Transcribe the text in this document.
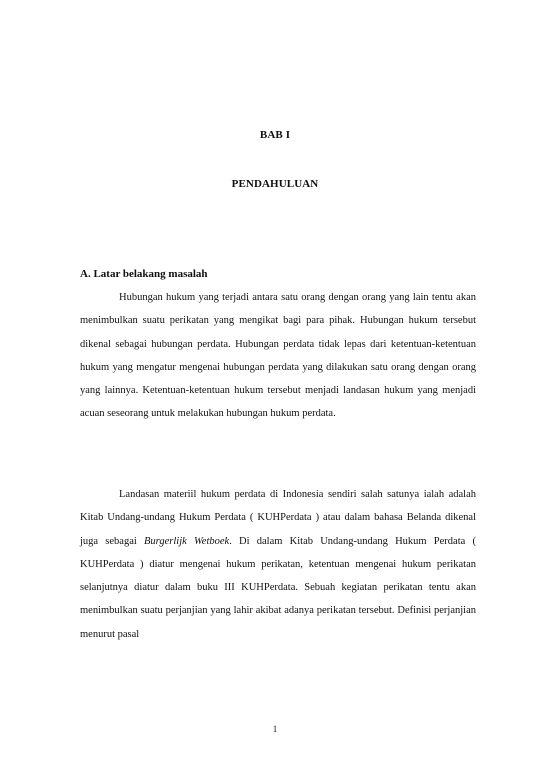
BAB I
PENDAHULUAN
A. Latar belakang masalah

Hubungan hukum yang terjadi antara satu orang dengan orang yang lain tentu akan menimbulkan suatu perikatan yang mengikat bagi para pihak. Hubungan hukum tersebut dikenal sebagai hubungan perdata. Hubungan perdata tidak lepas dari ketentuan-ketentuan hukum yang mengatur mengenai hubungan perdata yang dilakukan satu orang dengan orang yang lainnya. Ketentuan-ketentuan hukum tersebut menjadi landasan hukum yang menjadi acuan seseorang untuk melakukan hubungan hukum perdata.

Landasan materiil hukum perdata di Indonesia sendiri salah satunya ialah adalah Kitab Undang-undang Hukum Perdata ( KUHPerdata ) atau dalam bahasa Belanda dikenal juga sebagai Burgerlijk Wetboek. Di dalam Kitab Undang-undang Hukum Perdata ( KUHPerdata ) diatur mengenai hukum perikatan, ketentuan mengenai hukum perikatan selanjutnya diatur dalam buku III KUHPerdata. Sebuah kegiatan perikatan tentu akan menimbulkan suatu perjanjian yang lahir akibat adanya perikatan tersebut. Definisi perjanjian menurut pasal

1
